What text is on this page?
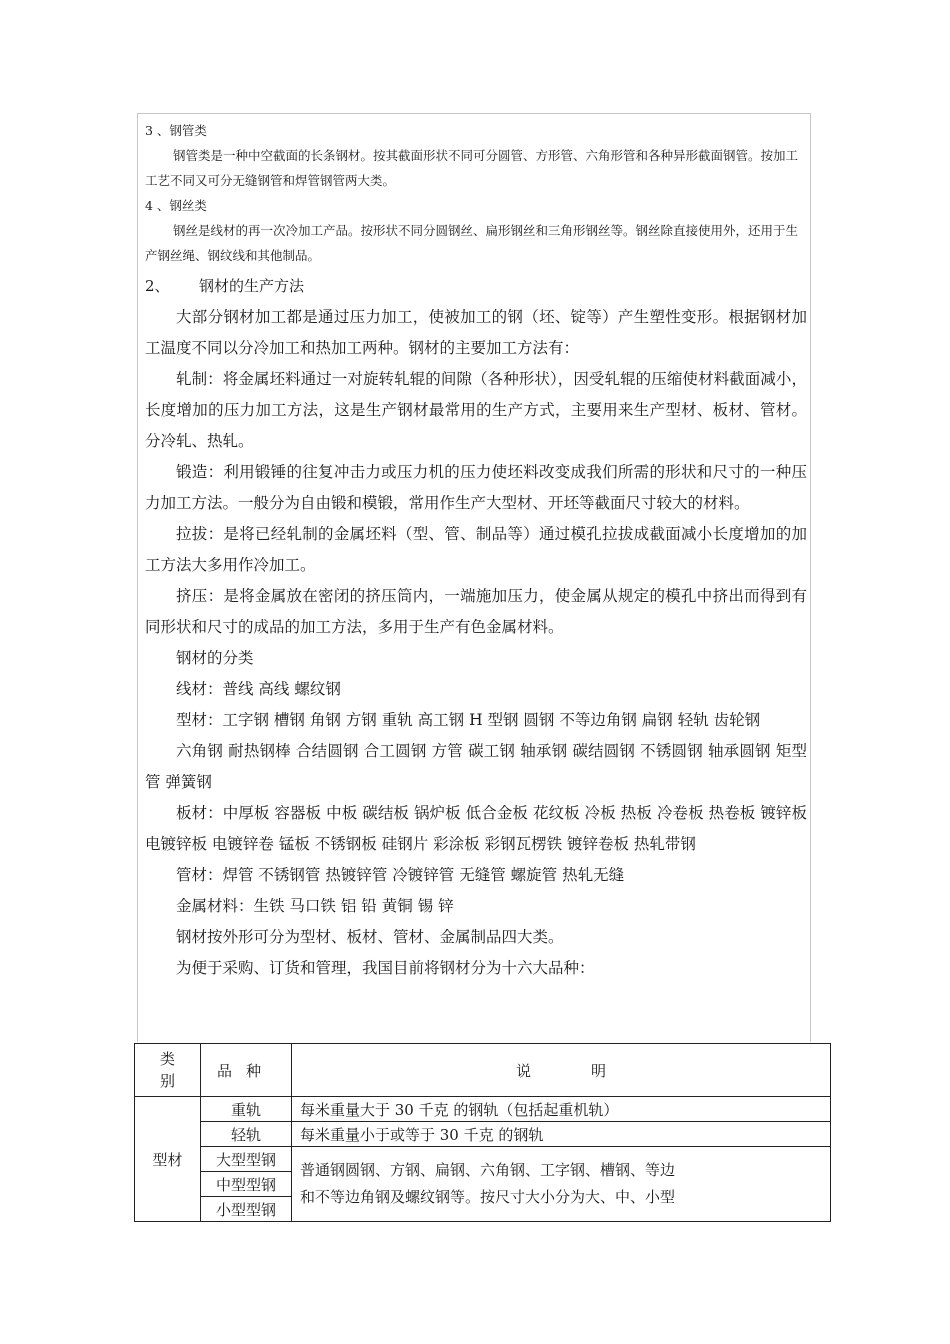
3 、钢管类
钢管类是一种中空截面的长条钢材。按其截面形状不同可分圆管、方形管、六角形管和各种异形截面钢管。按加工工艺不同又可分无缝钢管和焊管钢管两大类。
4 、钢丝类
钢丝是线材的再一次冷加工产品。按形状不同分圆钢丝、扁形钢丝和三角形钢丝等。钢丝除直接使用外，还用于生产钢丝绳、钢纹线和其他制品。
2、 钢材的生产方法

大部分钢材加工都是通过压力加工，使被加工的钢（坯、锭等）产生塑性变形。根据钢材加工温度不同以分冷加工和热加工两种。钢材的主要加工方法有：

轧制：将金属坯料通过一对旋转轧辊的间隙（各种形状），因受轧辊的压缩使材料截面减小，长度增加的压力加工方法，这是生产钢材最常用的生产方式，主要用来生产型材、板材、管材。分冷轧、热轧。

锻造：利用锻锤的往复冲击力或压力机的压力使坯料改变成我们所需的形状和尺寸的一种压力加工方法。一般分为自由锻和模锻，常用作生产大型材、开坯等截面尺寸较大的材料。

拉拔：是将已经轧制的金属坯料（型、管、制品等）通过模孔拉拔成截面减小长度增加的加工方法大多用作冷加工。

挤压：是将金属放在密闭的挤压筒内，一端施加压力，使金属从规定的模孔中挤出而得到有同形状和尺寸的成品的加工方法，多用于生产有色金属材料。

钢材的分类

线材：普线 高线 螺纹钢

型材：工字钢 槽钢 角钢 方钢 重轨 高工钢 H 型钢 圆钢 不等边角钢 扁钢 轻轨 齿轮钢

六角钢 耐热钢棒 合结圆钢 合工圆钢 方管 碳工钢 轴承钢 碳结圆钢 不锈圆钢 轴承圆钢 矩型管 弹簧钢

板材：中厚板 容器板 中板 碳结板 锅炉板 低合金板 花纹板 冷板 热板 冷卷板 热卷板 镀锌板 电镀锌板 电镀锌卷 锰板 不锈钢板 硅钢片 彩涂板 彩钢瓦楞铁 镀锌卷板 热轧带钢

管材：焊管 不锈钢管 热镀锌管 冷镀锌管 无缝管 螺旋管 热轧无缝

金属材料：生铁 马口铁 铝 铅 黄铜 锡 锌

钢材按外形可分为型材、板材、管材、金属制品四大类。

为便于采购、订货和管理，我国目前将钢材分为十六大品种：

类
别	品种	说明
型材	重轨	每米重量大于 30 千克 的钢轨（包括起重机轨）
	轻轨	每米重量小于或等于 30 千克 的钢轨
	大型型钢	普通钢圆钢、方钢、扁钢、六角钢、工字钢、槽钢、等边
和不等边角钢及螺纹钢等。按尺寸大小分为大、中、小型

	中型型钢	
	小型型钢	
